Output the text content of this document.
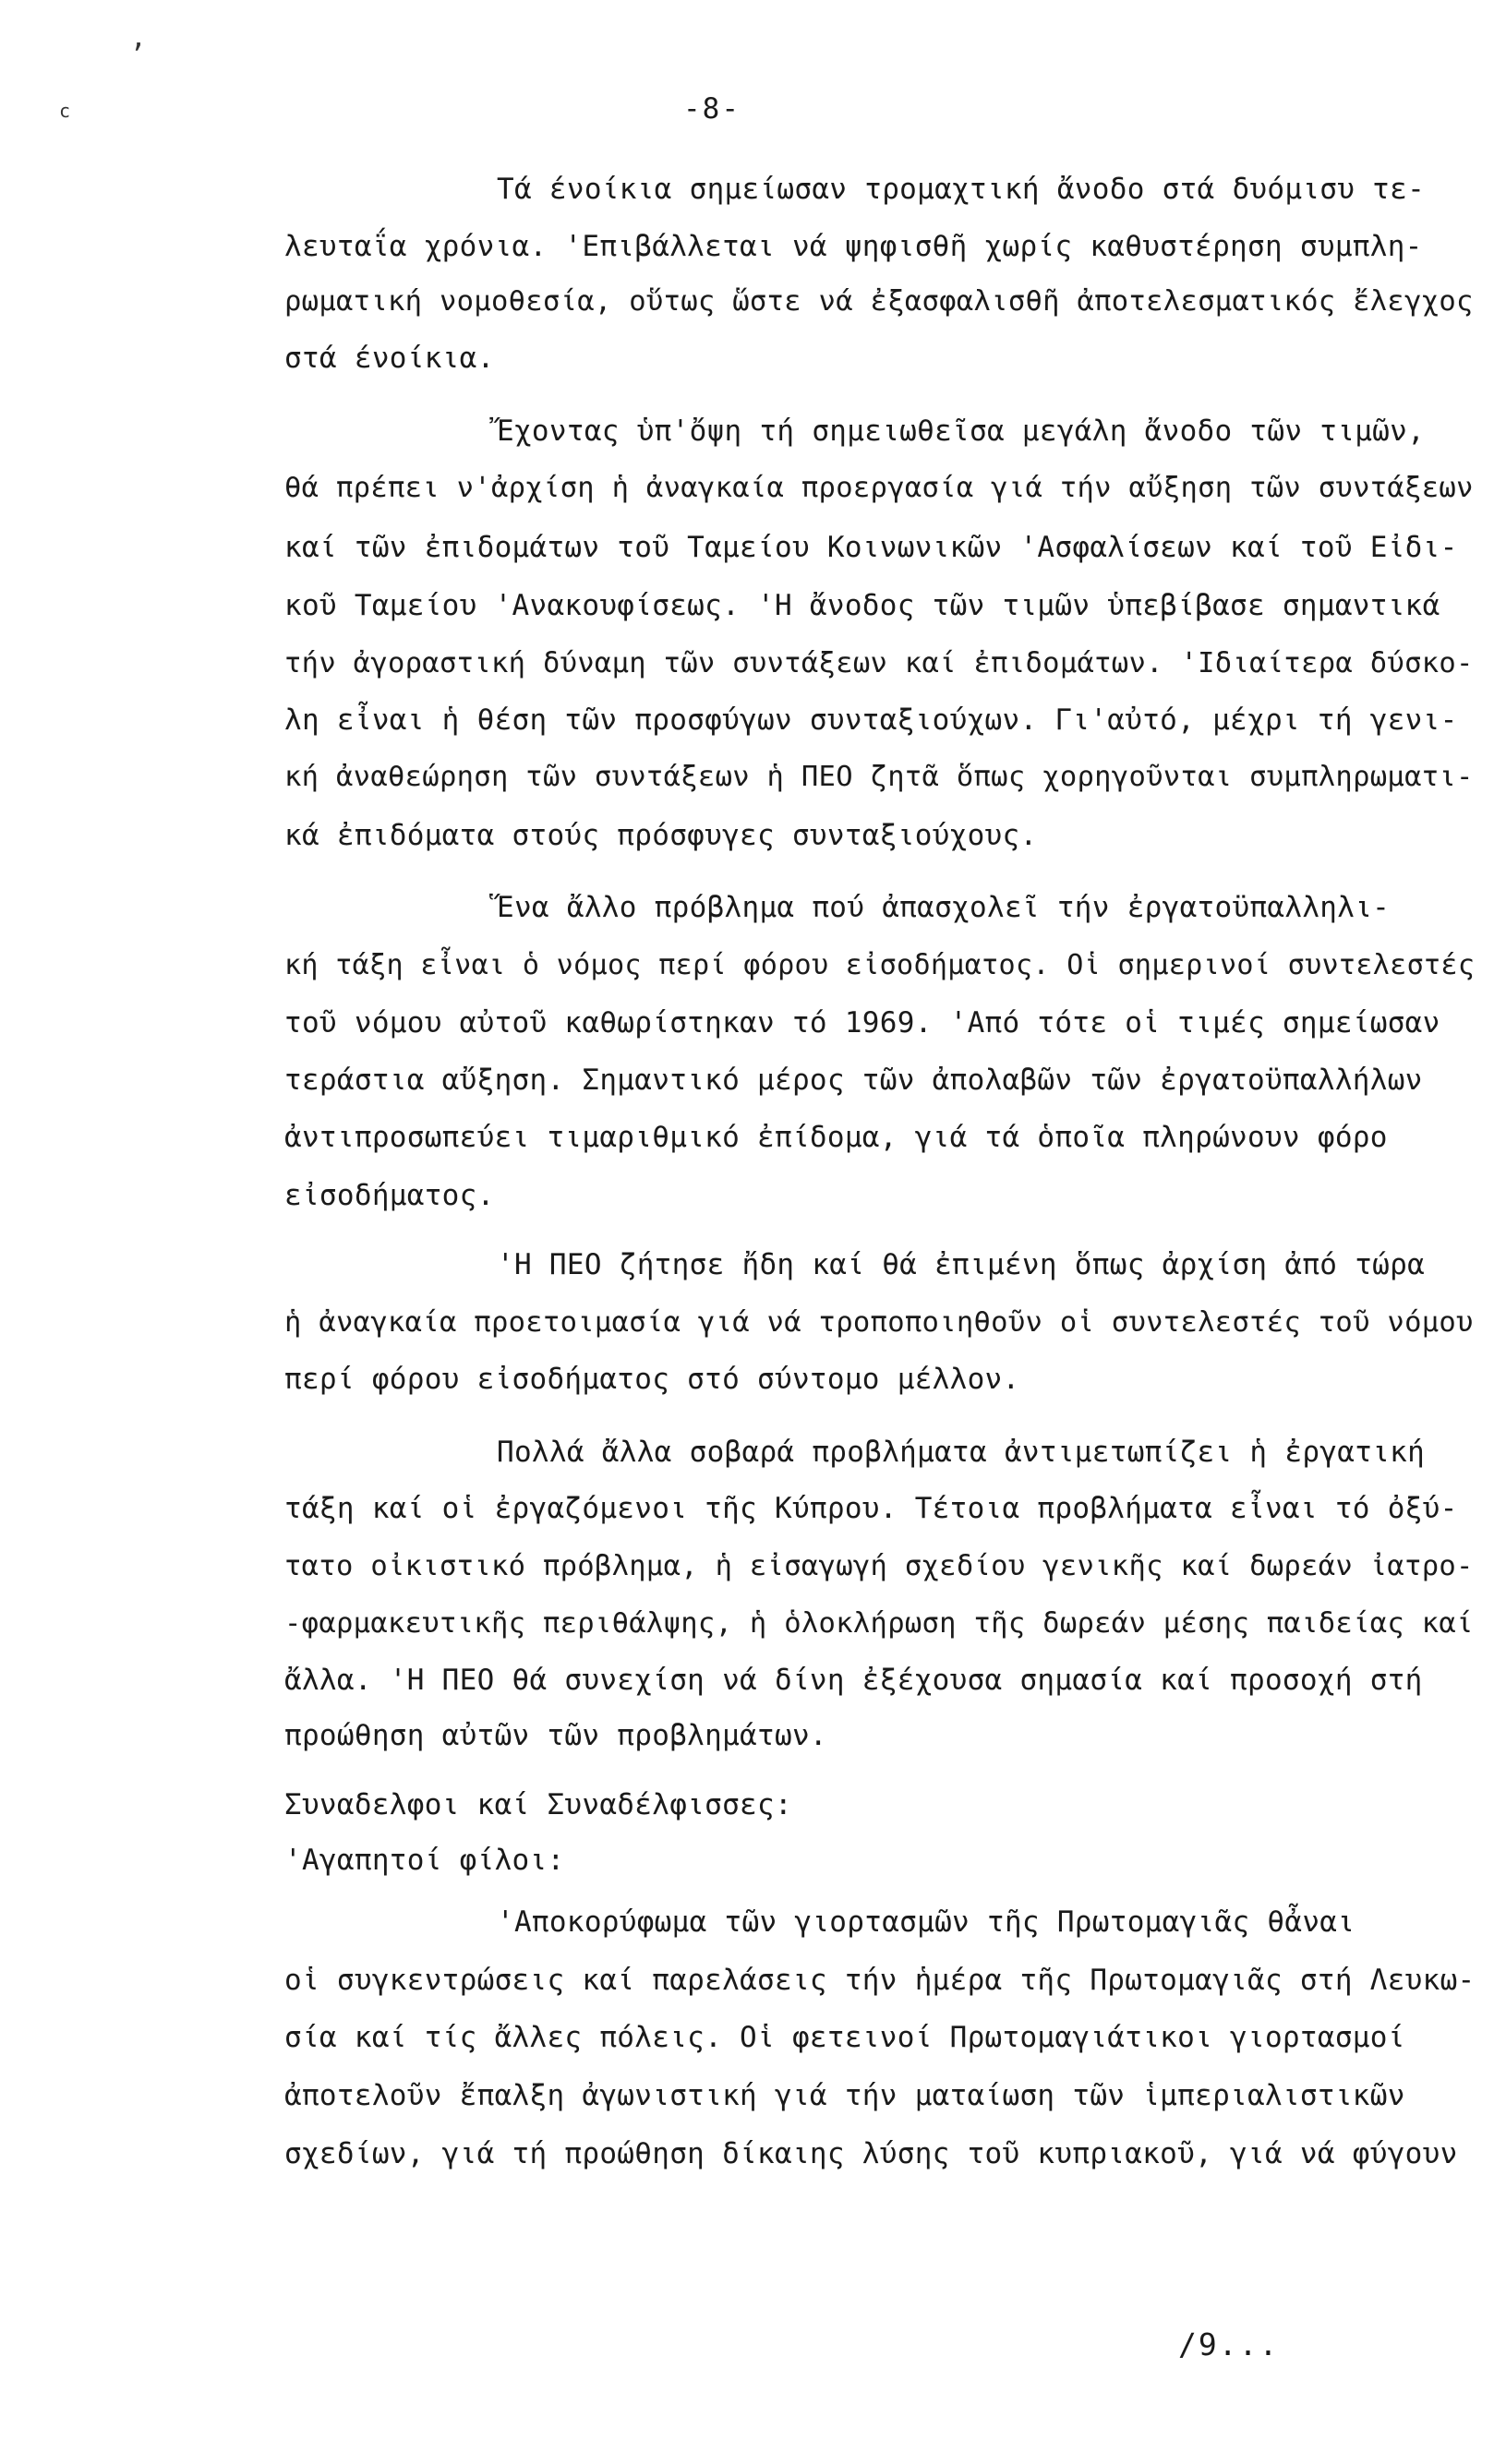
’
c	-8-
Τά ένοίκια σημείωσαν τρομαχτική ἄνοδο στά δυόμισυ τε-
λευταΐα χρόνια. 'Επιβάλλεται νά ψηφισθῆ χωρίς καθυστέρηση συμπλη-
ρωματική νομοθεσία, οὕτως ὥστε νά ἐξασφαλισθῆ ἀποτελεσματικός ἔλεγχος
στά ένοίκια.
Ἔχοντας ὑπ'ὄψη τή σημειωθεῖσα μεγάλη ἄνοδο τῶν τιμῶν,
θά πρέπει ν'ἀρχίση ἡ ἀναγκαία προεργασία γιά τήν αὔξηση τῶν συντάξεων
καί τῶν ἐπιδομάτων τοῦ Ταμείου Κοινωνικῶν 'Ασφαλίσεων καί τοῦ Εἰδι-
κοῦ Ταμείου 'Ανακουφίσεως. 'Η ἄνοδος τῶν τιμῶν ὑπεβίβασε σημαντικά
τήν ἀγοραστική δύναμη τῶν συντάξεων καί ἐπιδομάτων. 'Ιδιαίτερα δύσκο-
λη εἶναι ἡ θέση τῶν προσφύγων συνταξιούχων. Γι'αὐτό, μέχρι τή γενι-
κή ἀναθεώρηση τῶν συντάξεων ἡ ΠΕΟ ζητᾶ ὅπως χορηγοῦνται συμπληρωματι-
κά ἐπιδόματα στούς πρόσφυγες συνταξιούχους.
Ἕνα ἄλλο πρόβλημα πού ἀπασχολεῖ τήν ἐργατοϋπαλληλι-
κή τάξη εἶναι ὁ νόμος περί φόρου εἰσοδήματος. Οἱ σημερινοί συντελεστές
τοῦ νόμου αὐτοῦ καθωρίστηκαν τό 1969. 'Από τότε οἱ τιμές σημείωσαν
τεράστια αὔξηση. Σημαντικό μέρος τῶν ἀπολαβῶν τῶν ἐργατοϋπαλλήλων
ἀντιπροσωπεύει τιμαριθμικό ἐπίδομα, γιά τά ὁποῖα πληρώνουν φόρο
εἰσοδήματος.
'Η ΠΕΟ ζήτησε ἤδη καί θά ἐπιμένη ὅπως ἀρχίση ἀπό τώρα
ἡ ἀναγκαία προετοιμασία γιά νά τροποποιηθοῦν οἱ συντελεστές τοῦ νόμου
περί φόρου εἰσοδήματος στό σύντομο μέλλον.
Πολλά ἄλλα σοβαρά προβλήματα ἀντιμετωπίζει ἡ ἐργατική
τάξη καί οἱ ἐργαζόμενοι τῆς Κύπρου. Τέτοια προβλήματα εἶναι τό ὀξύ-
τατο οἰκιστικό πρόβλημα, ἡ εἰσαγωγή σχεδίου γενικῆς καί δωρεάν ἰατρο-
-φαρμακευτικῆς περιθάλψης, ἡ ὁλοκλήρωση τῆς δωρεάν μέσης παιδείας καί
ἄλλα. 'Η ΠΕΟ θά συνεχίση νά δίνη ἐξέχουσα σημασία καί προσοχή στή
προώθηση αὐτῶν τῶν προβλημάτων.
Συναδελφοι καί Συναδέλφισσες:
'Αγαπητοί φίλοι:
'Αποκορύφωμα τῶν γιορτασμῶν τῆς Πρωτομαγιᾶς θἆναι
οἱ συγκεντρώσεις καί παρελάσεις τήν ἡμέρα τῆς Πρωτομαγιᾶς στή Λευκω-
σία καί τίς ἄλλες πόλεις. Οἱ φετεινοί Πρωτομαγιάτικοι γιορτασμοί
ἀποτελοῦν ἔπαλξη ἀγωνιστική γιά τήν ματαίωση τῶν ἱμπεριαλιστικῶν
σχεδίων, γιά τή προώθηση δίκαιης λύσης τοῦ κυπριακοῦ, γιά νά φύγουν
/9...
